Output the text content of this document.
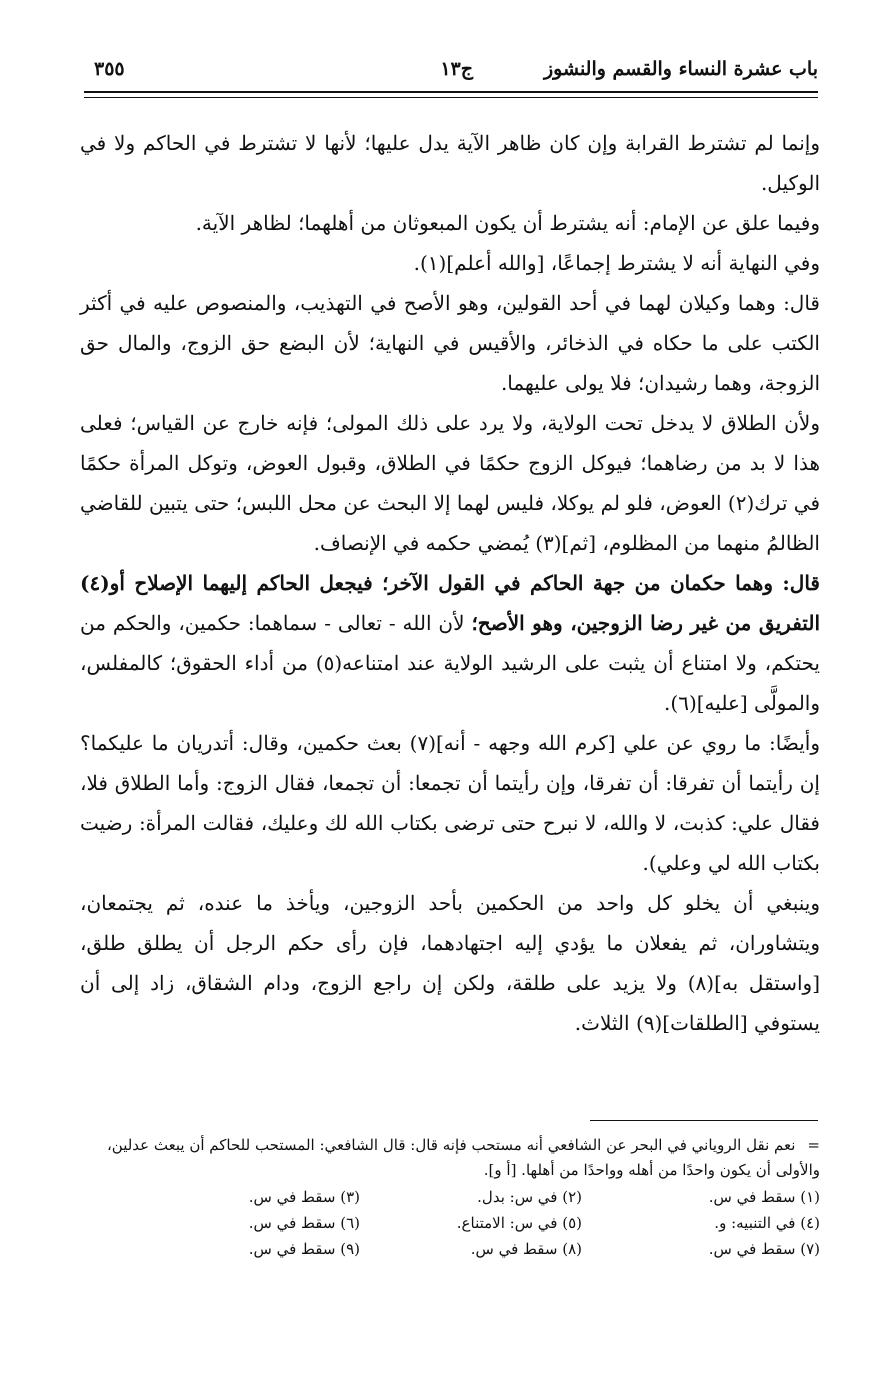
باب عشرة النساء والقسم والنشوز
ج١٣
٣٥٥

وإنما لم تشترط القرابة وإن كان ظاهر الآية يدل عليها؛ لأنها لا تشترط في الحاكم ولا في الوكيل.

وفيما علق عن الإمام: أنه يشترط أن يكون المبعوثان من أهلهما؛ لظاهر الآية.

وفي النهاية أنه لا يشترط إجماعًا، [والله أعلم](١).

قال: وهما وكيلان لهما في أحد القولين، وهو الأصح في التهذيب، والمنصوص عليه في أكثر الكتب على ما حكاه في الذخائر، والأقيس في النهاية؛ لأن البضع حق الزوج، والمال حق الزوجة، وهما رشيدان؛ فلا يولى عليهما.

ولأن الطلاق لا يدخل تحت الولاية، ولا يرد على ذلك المولى؛ فإنه خارج عن القياس؛ فعلى هذا لا بد من رضاهما؛ فيوكل الزوج حكمًا في الطلاق، وقبول العوض، وتوكل المرأة حكمًا في ترك(٢) العوض، فلو لم يوكلا، فليس لهما إلا البحث عن محل اللبس؛ حتى يتبين للقاضي الظالمُ منهما من المظلوم، [ثم](٣) يُمضي حكمه في الإنصاف.

قال: وهما حكمان من جهة الحاكم في القول الآخر؛ فيجعل الحاكم إليهما الإصلاح أو(٤) التفريق من غير رضا الزوجين، وهو الأصح؛ لأن الله - تعالى - سماهما: حكمين، والحكم من يحتكم، ولا امتناع أن يثبت على الرشيد الولاية عند امتناعه(٥) من أداء الحقوق؛ كالمفلس، والمولَّى [عليه](٦).

وأيضًا: ما روي عن علي [كرم الله وجهه - أنه](٧) بعث حكمين، وقال: أتدريان ما عليكما؟ إن رأيتما أن تفرقا: أن تفرقا، وإن رأيتما أن تجمعا: أن تجمعا، فقال الزوج: وأما الطلاق فلا، فقال علي: كذبت، لا والله، لا نبرح حتى ترضى بكتاب الله لك وعليك، فقالت المرأة: رضيت بكتاب الله لي وعلي).

وينبغي أن يخلو كل واحد من الحكمين بأحد الزوجين، ويأخذ ما عنده، ثم يجتمعان، ويتشاوران، ثم يفعلان ما يؤدي إليه اجتهادهما، فإن رأى حكم الرجل أن يطلق طلق، [واستقل به](٨) ولا يزيد على طلقة، ولكن إن راجع الزوج، ودام الشقاق، زاد إلى أن يستوفي [الطلقات](٩) الثلاث.

=نعم نقل الروياني في البحر عن الشافعي أنه مستحب فإنه قال: قال الشافعي: المستحب للحاكم أن يبعث عدلين، والأولى أن يكون واحدًا من أهله وواحدًا من أهلها. [أ و].
(١) سقط في س.
(٢) في س: بدل.
(٣) سقط في س.
(٤) في التنبيه: و.
(٥) في س: الامتناع.
(٦) سقط في س.
(٧) سقط في س.
(٨) سقط في س.
(٩) سقط في س.
